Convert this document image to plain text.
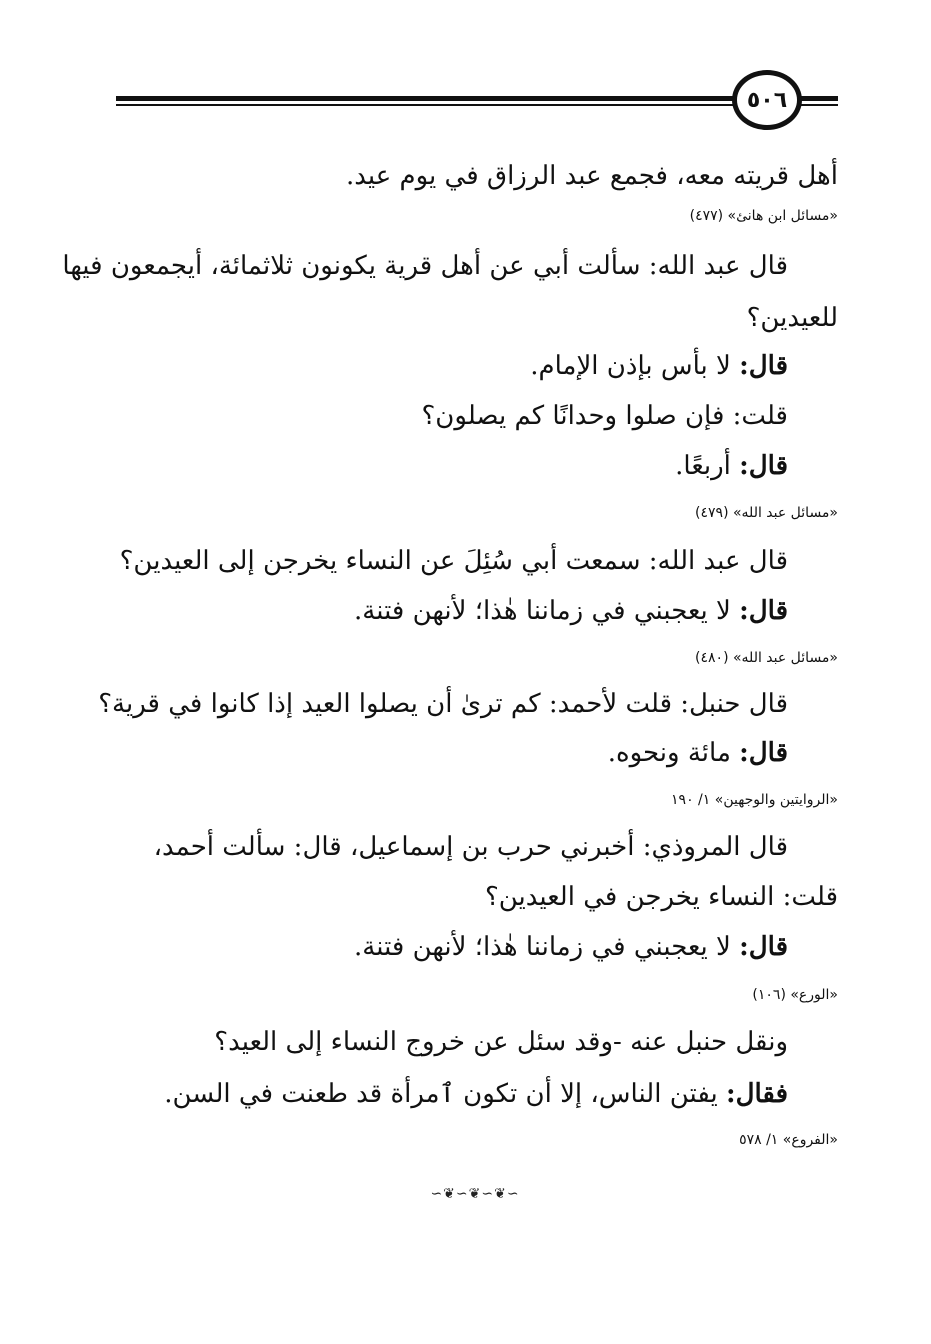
٥٠٦
أهل قريته معه، فجمع عبد الرزاق في يوم عيد.
«مسائل ابن هانئ» (٤٧٧)
قال عبد الله: سألت أبي عن أهل قرية يكونون ثلاثمائة، أيجمعون فيها
للعيدين؟
قال: لا بأس بإذن الإمام.
قلت: فإن صلوا وحدانًا كم يصلون؟
قال: أربعًا.
«مسائل عبد الله» (٤٧٩)
قال عبد الله: سمعت أبي سُئِلَ عن النساء يخرجن إلى العيدين؟
قال: لا يعجبني في زماننا هٰذا؛ لأنهن فتنة.
«مسائل عبد الله» (٤٨٠)
قال حنبل: قلت لأحمد: كم ترىٰ أن يصلوا العيد إذا كانوا في قرية؟
قال: مائة ونحوه.
«الروايتين والوجهين» ١/ ١٩٠
قال المروذي: أخبرني حرب بن إسماعيل، قال: سألت أحمد،
قلت: النساء يخرجن في العيدين؟
قال: لا يعجبني في زماننا هٰذا؛ لأنهن فتنة.
«الورع» (١٠٦)
ونقل حنبل عنه -وقد سئل عن خروج النساء إلى العيد؟
فقال: يفتن الناس، إلا أن تكون ٱمرأة قد طعنت في السن.
«الفروع» ١/ ٥٧٨
∽❦∽❦∽❦∽
